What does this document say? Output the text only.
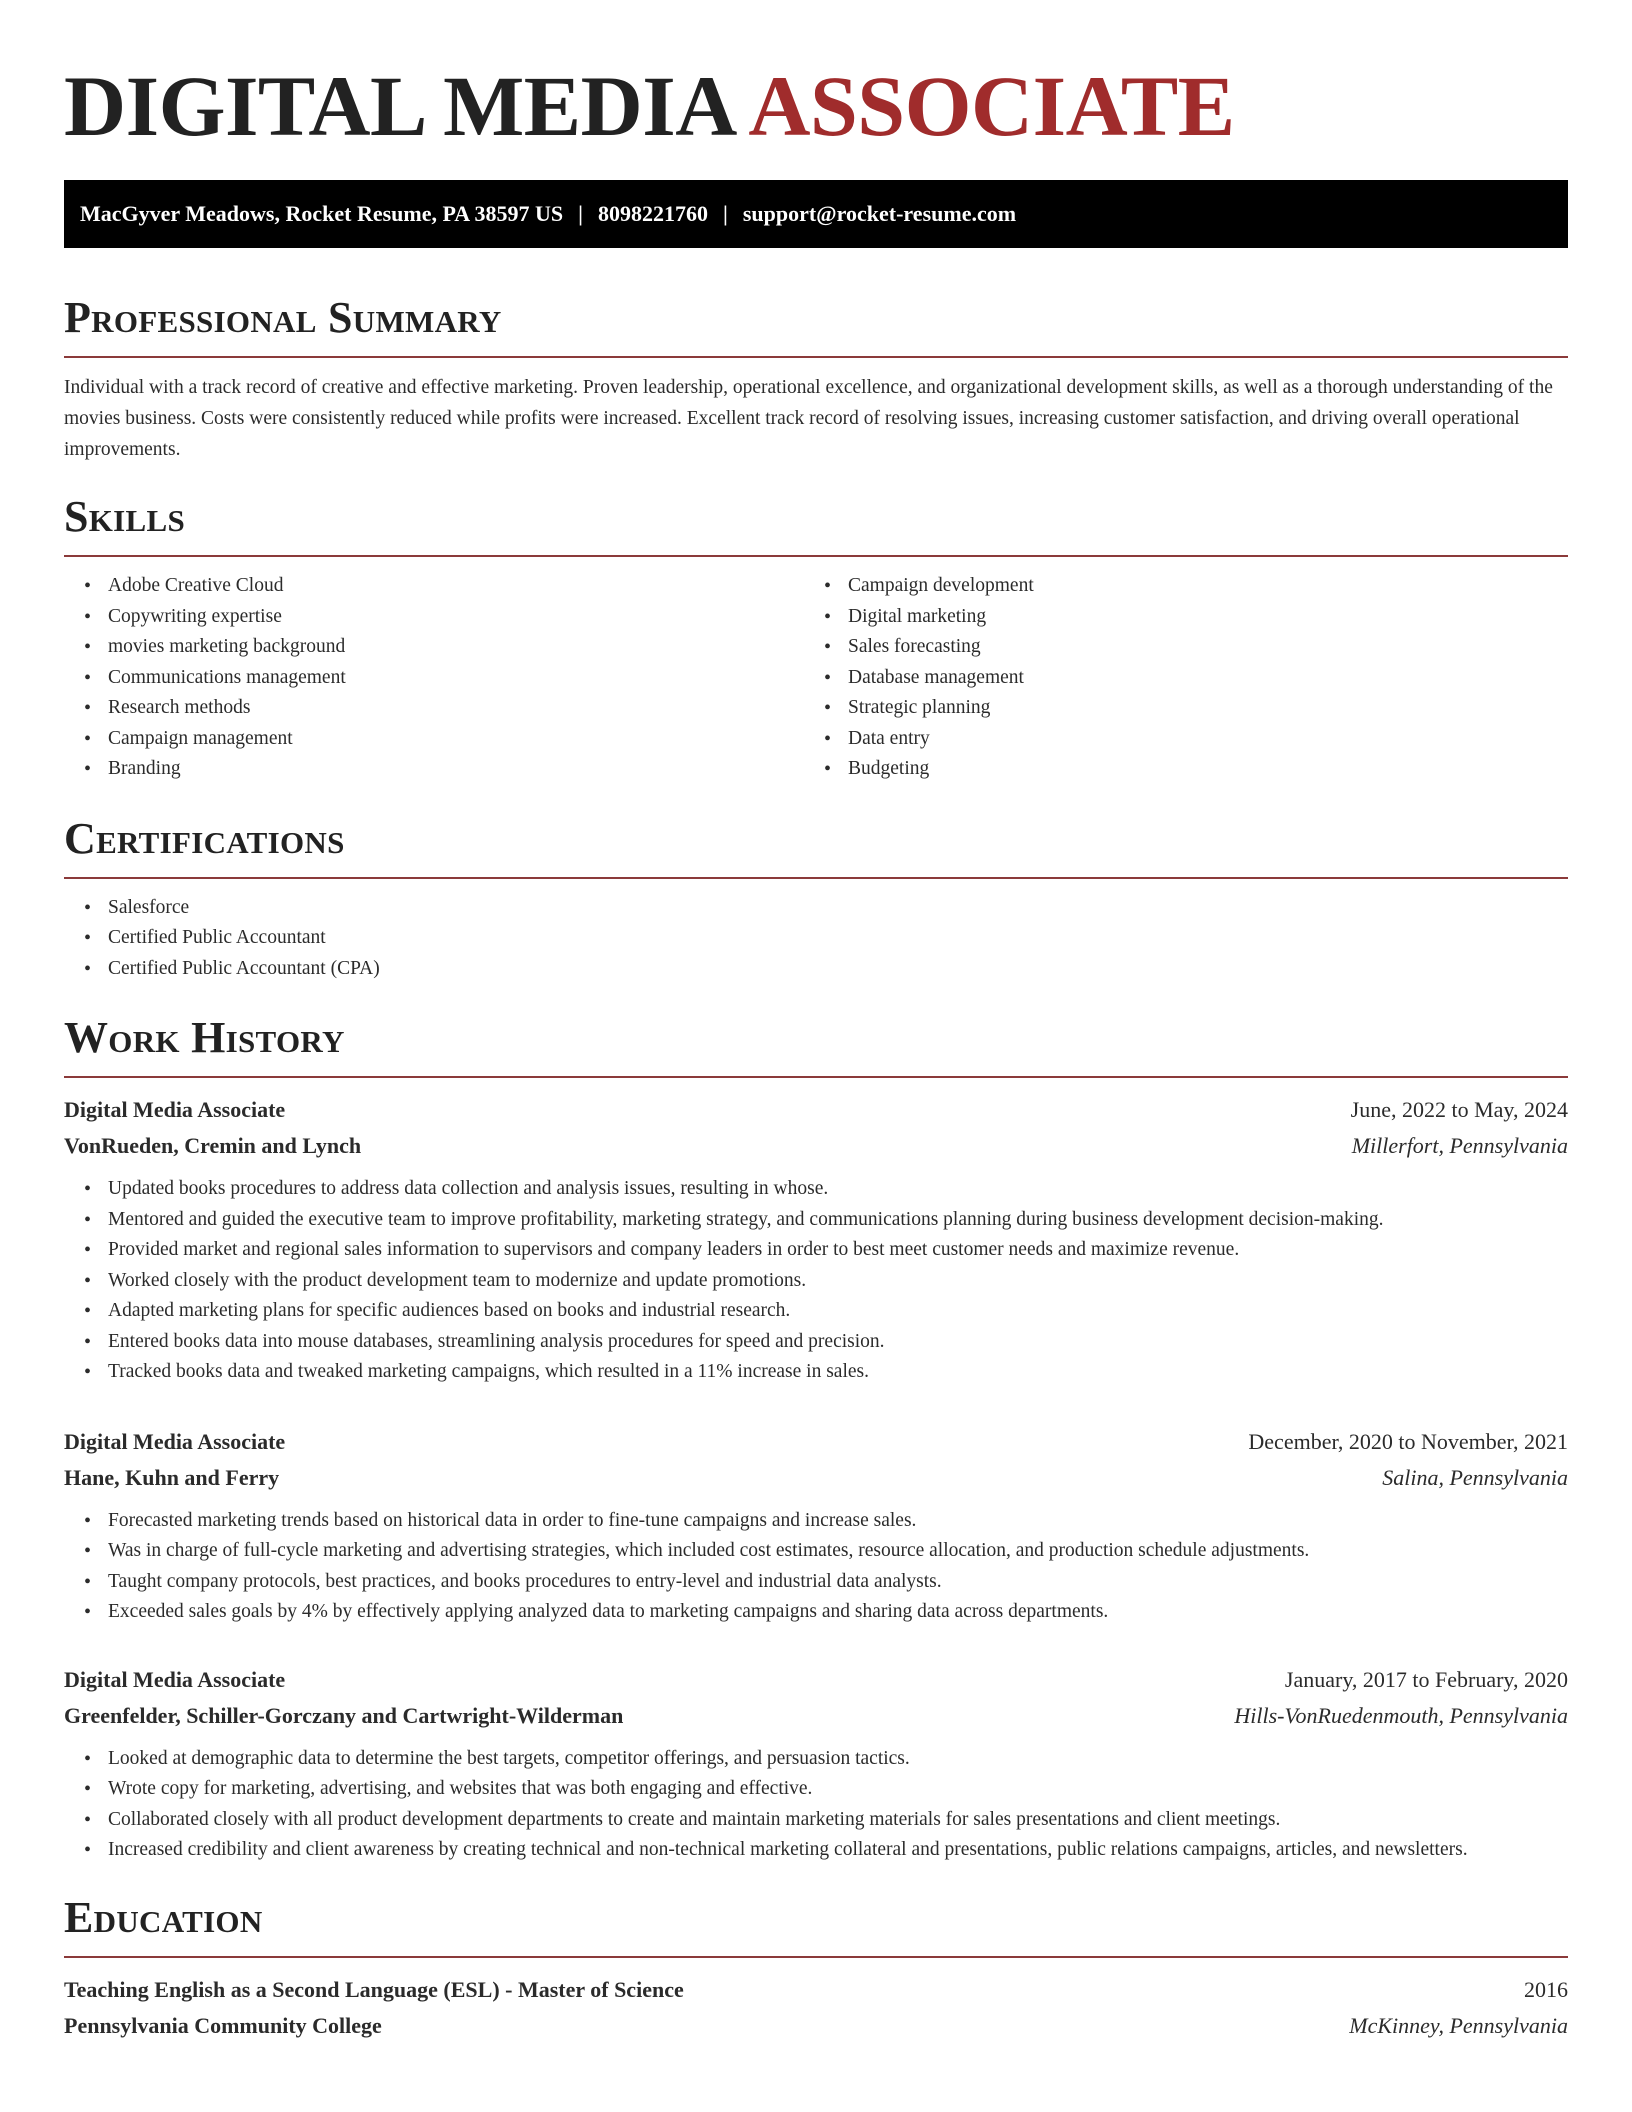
DIGITAL MEDIA ASSOCIATE
MacGyver Meadows, Rocket Resume, PA 38597 US | 8098221760 | support@rocket-resume.com
Professional Summary

Individual with a track record of creative and effective marketing. Proven leadership, operational excellence, and organizational development skills, as well as a thorough understanding of the movies business. Costs were consistently reduced while profits were increased. Excellent track record of resolving issues, increasing customer satisfaction, and driving overall operational improvements.

Skills
• Adobe Creative Cloud
• Copywriting expertise
• movies marketing background
• Communications management
• Research methods
• Campaign management
• Branding
• Campaign development
• Digital marketing
• Sales forecasting
• Database management
• Strategic planning
• Data entry
• Budgeting
Certifications
• Salesforce
• Certified Public Accountant
• Certified Public Accountant (CPA)
Work History
Digital Media Associate	June, 2022 to May, 2024
VonRueden, Cremin and Lynch	Millerfort, Pennsylvania
• Updated books procedures to address data collection and analysis issues, resulting in whose.
• Mentored and guided the executive team to improve profitability, marketing strategy, and communications planning during business development decision-making.
• Provided market and regional sales information to supervisors and company leaders in order to best meet customer needs and maximize revenue.
• Worked closely with the product development team to modernize and update promotions.
• Adapted marketing plans for specific audiences based on books and industrial research.
• Entered books data into mouse databases, streamlining analysis procedures for speed and precision.
• Tracked books data and tweaked marketing campaigns, which resulted in a 11% increase in sales.
Digital Media Associate	December, 2020 to November, 2021
Hane, Kuhn and Ferry	Salina, Pennsylvania
• Forecasted marketing trends based on historical data in order to fine-tune campaigns and increase sales.
• Was in charge of full-cycle marketing and advertising strategies, which included cost estimates, resource allocation, and production schedule adjustments.
• Taught company protocols, best practices, and books procedures to entry-level and industrial data analysts.
• Exceeded sales goals by 4% by effectively applying analyzed data to marketing campaigns and sharing data across departments.
Digital Media Associate	January, 2017 to February, 2020
Greenfelder, Schiller-Gorczany and Cartwright-Wilderman	Hills-VonRuedenmouth, Pennsylvania
• Looked at demographic data to determine the best targets, competitor offerings, and persuasion tactics.
• Wrote copy for marketing, advertising, and websites that was both engaging and effective.
• Collaborated closely with all product development departments to create and maintain marketing materials for sales presentations and client meetings.
• Increased credibility and client awareness by creating technical and non-technical marketing collateral and presentations, public relations campaigns, articles, and newsletters.
Education
Teaching English as a Second Language (ESL) - Master of Science	2016
Pennsylvania Community College	McKinney, Pennsylvania
